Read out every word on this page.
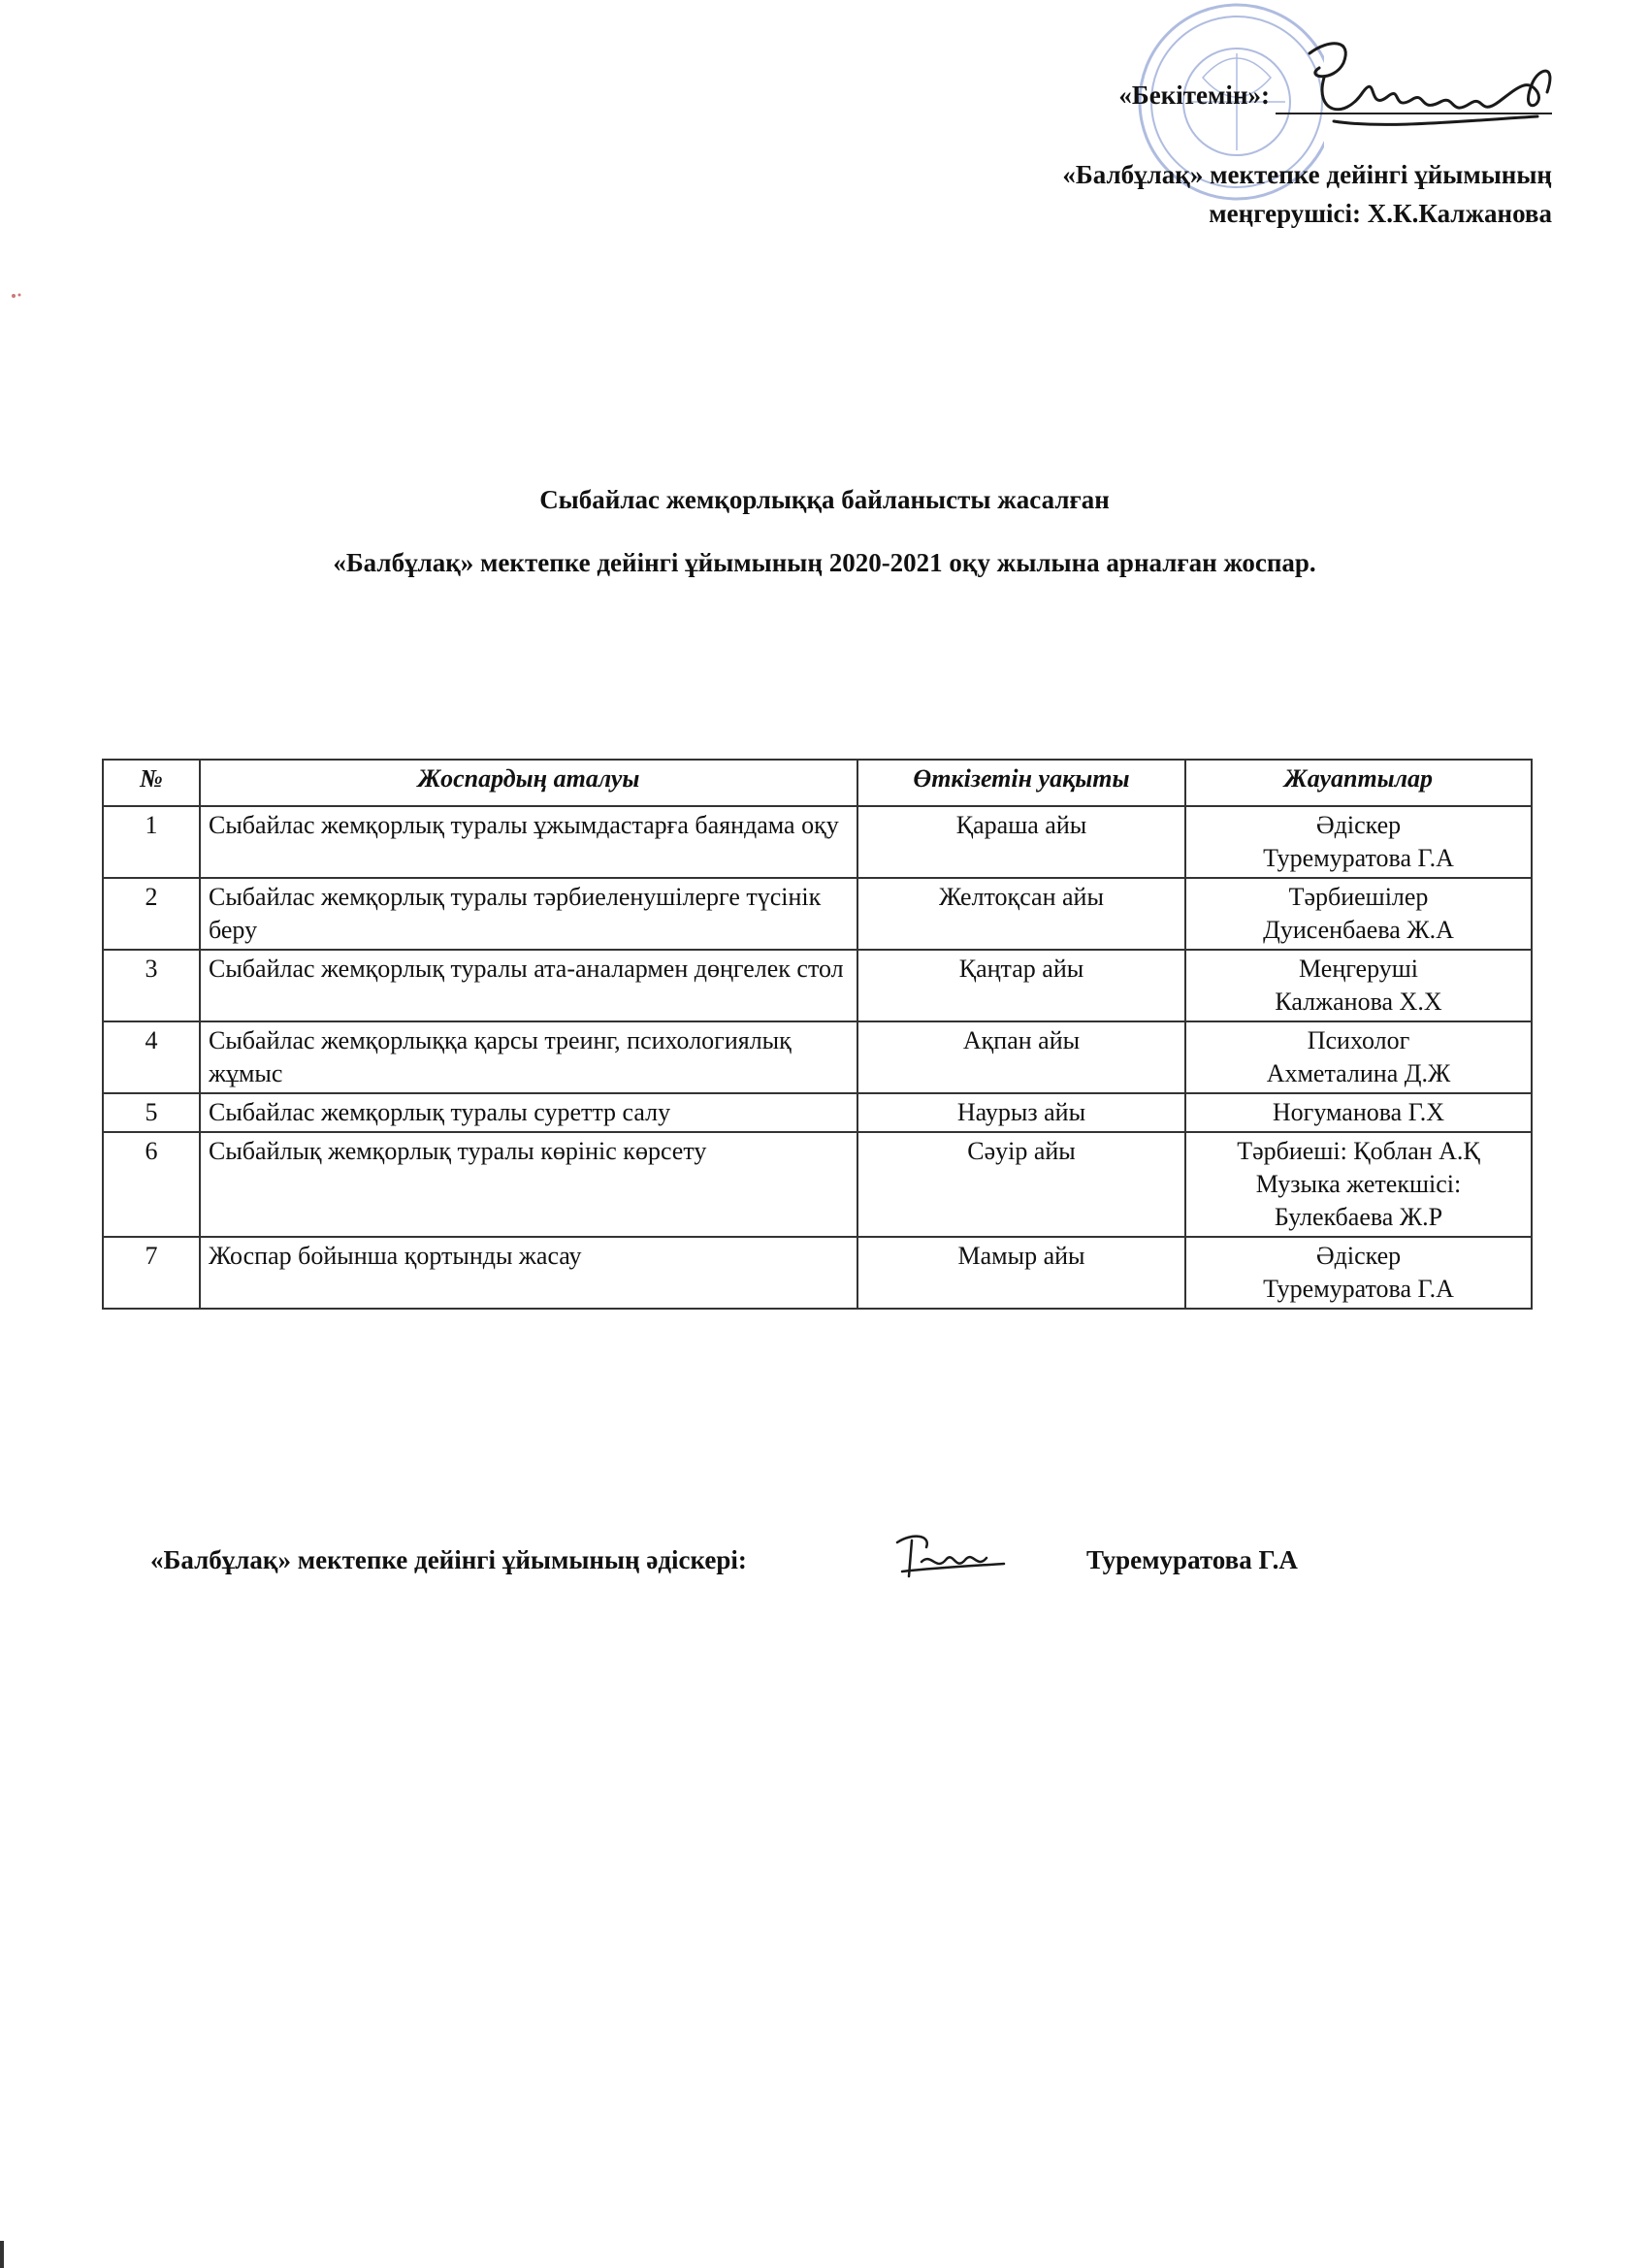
«Бекітемін»:
«Балбұлақ» мектепке дейінгі ұйымының
меңгерушісі: Х.К.Калжанова
Сыбайлас жемқорлыққа байланысты жасалған
«Балбұлақ» мектепке дейінгі ұйымының 2020-2021 оқу жылына арналған жоспар.
№	Жоспардың аталуы	Өткізетін уақыты	Жауаптылар
1	Сыбайлас жемқорлық туралы ұжымдастарға баяндама оқу	Қараша айы	Әдіскер
Туремуратова Г.А

2	Сыбайлас жемқорлық туралы тәрбиеленушілерге түсінік беру	Желтоқсан айы	Тәрбиешілер
Дуисенбаева Ж.А

3	Сыбайлас жемқорлық туралы ата-аналармен дөңгелек стол	Қаңтар айы	Меңгеруші
Калжанова Х.Х

4	Сыбайлас жемқорлыққа қарсы треинг, психологиялық жұмыс	Ақпан айы	Психолог
Ахметалина Д.Ж

5	Сыбайлас жемқорлық туралы суреттр салу	Наурыз айы	Ногуманова Г.Х

6	Сыбайлық жемқорлық туралы көрініс көрсету	Сәуір айы	Тәрбиеші: Қоблан А.Қ
Музыка жетекшісі:
Булекбаева Ж.Р

7	Жоспар бойынша қортынды жасау	Мамыр айы	Әдіскер
Туремуратова Г.А
«Балбұлақ» мектепке дейінгі ұйымының әдіскері:	Туремуратова Г.А
